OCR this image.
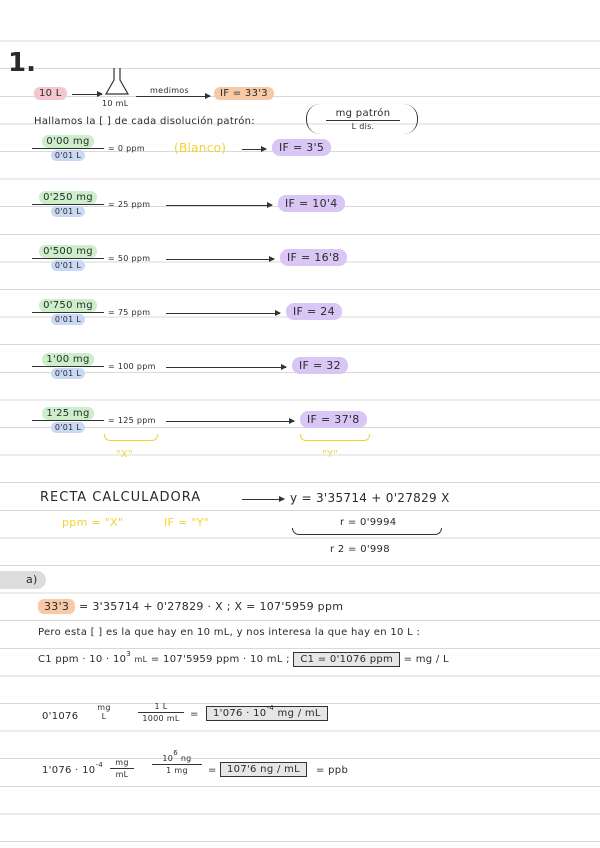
1.
10 L
10 mL
medimos	IF = 33'3
Hallamos la [ ] de cada disolución patrón:
mg patrón
L dis.
0'00 mg
0'01 L
= 0 ppm (Blanco)	IF = 3'5
0'250 mg
0'01 L
= 25 ppm	IF = 10'4
0'500 mg
0'01 L
= 50 ppm	IF = 16'8
0'750 mg
0'01 L
= 75 ppm	IF = 24
1'00 mg
0'01 L
= 100 ppm	IF = 32
1'25 mg
0'01 L
= 125 ppm	IF = 37'8
"X"	"Y"
RECTA CALCULADORA	y = 3'35714 + 0'27829 X
r = 0'9994
r 2 = 0'998
ppm = "X"	IF = "Y"
a)
33'3 = 3'35714 + 0'27829 · X ; X = 107'5959 ppm
Pero esta [ ] es la que hay en 10 mL, y nos interesa la que hay en 10 L :
C1 ppm · $10 \cdot 10^3$ mL = 107'5959 ppm · 10 mL ; C1 = 0'1076 ppm = mg / L
0'1076
mg
L
1 L
1000 mL	=	$1'076 \cdot 10^{-4}$ mg / mL
$1'076 \cdot 10^{-4}$	mg
mL
106 ng
1 mg	=	107'6 ng / mL	= ppb
